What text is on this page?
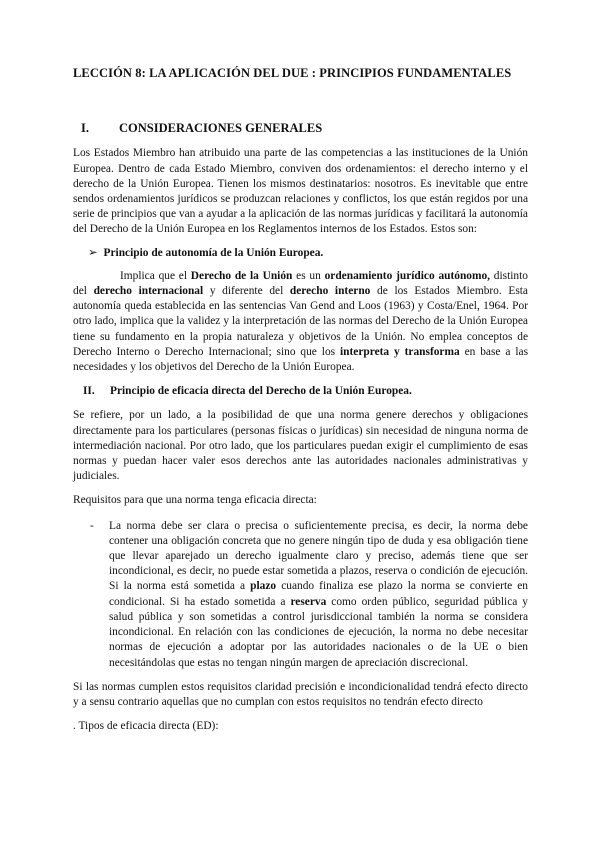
LECCIÓN 8: LA APLICACIÓN DEL DUE : PRINCIPIOS FUNDAMENTALES

I. CONSIDERACIONES GENERALES

Los Estados Miembro han atribuido una parte de las competencias a las instituciones de la Unión Europea. Dentro de cada Estado Miembro, conviven dos ordenamientos: el derecho interno y el derecho de la Unión Europea. Tienen los mismos destinatarios: nosotros. Es inevitable que entre sendos ordenamientos jurídicos se produzcan relaciones y conflictos, los que están regidos por una serie de principios que van a ayudar a la aplicación de las normas jurídicas y facilitará la autonomía del Derecho de la Unión Europea en los Reglamentos internos de los Estados. Estos son:

➢ Principio de autonomía de la Unión Europea.

Implica que el Derecho de la Unión es un ordenamiento jurídico autónomo, distinto del derecho internacional y diferente del derecho interno de los Estados Miembro. Esta autonomía queda establecida en las sentencias Van Gend and Loos (1963) y Costa/Enel, 1964. Por otro lado, implica que la validez y la interpretación de las normas del Derecho de la Unión Europea tiene su fundamento en la propia naturaleza y objetivos de la Unión. No emplea conceptos de Derecho Interno o Derecho Internacional; sino que los interpreta y transforma en base a las necesidades y los objetivos del Derecho de la Unión Europea.

II. Principio de eficacia directa del Derecho de la Unión Europea.

Se refiere, por un lado, a la posibilidad de que una norma genere derechos y obligaciones directamente para los particulares (personas físicas o jurídicas) sin necesidad de ninguna norma de intermediación nacional. Por otro lado, que los particulares puedan exigir el cumplimiento de esas normas y puedan hacer valer esos derechos ante las autoridades nacionales administrativas y judiciales.

Requisitos para que una norma tenga eficacia directa:

-	La norma debe ser clara o precisa o suficientemente precisa, es decir, la norma debe contener una obligación concreta que no genere ningún tipo de duda y esa obligación tiene que llevar aparejado un derecho igualmente claro y preciso, además tiene que ser incondicional, es decir, no puede estar sometida a plazos, reserva o condición de ejecución. Si la norma está sometida a plazo cuando finaliza ese plazo la norma se convierte en condicional. Si ha estado sometida a reserva como orden público, seguridad pública y salud pública y son sometidas a control jurisdiccional también la norma se considera incondicional. En relación con las condiciones de ejecución, la norma no debe necesitar normas de ejecución a adoptar por las autoridades nacionales o de la UE o bien necesitándolas que estas no tengan ningún margen de apreciación discrecional.

Si las normas cumplen estos requisitos claridad precisión e incondicionalidad tendrá efecto directo y a sensu contrario aquellas que no cumplan con estos requisitos no tendrán efecto directo

. Tipos de eficacia directa (ED):
